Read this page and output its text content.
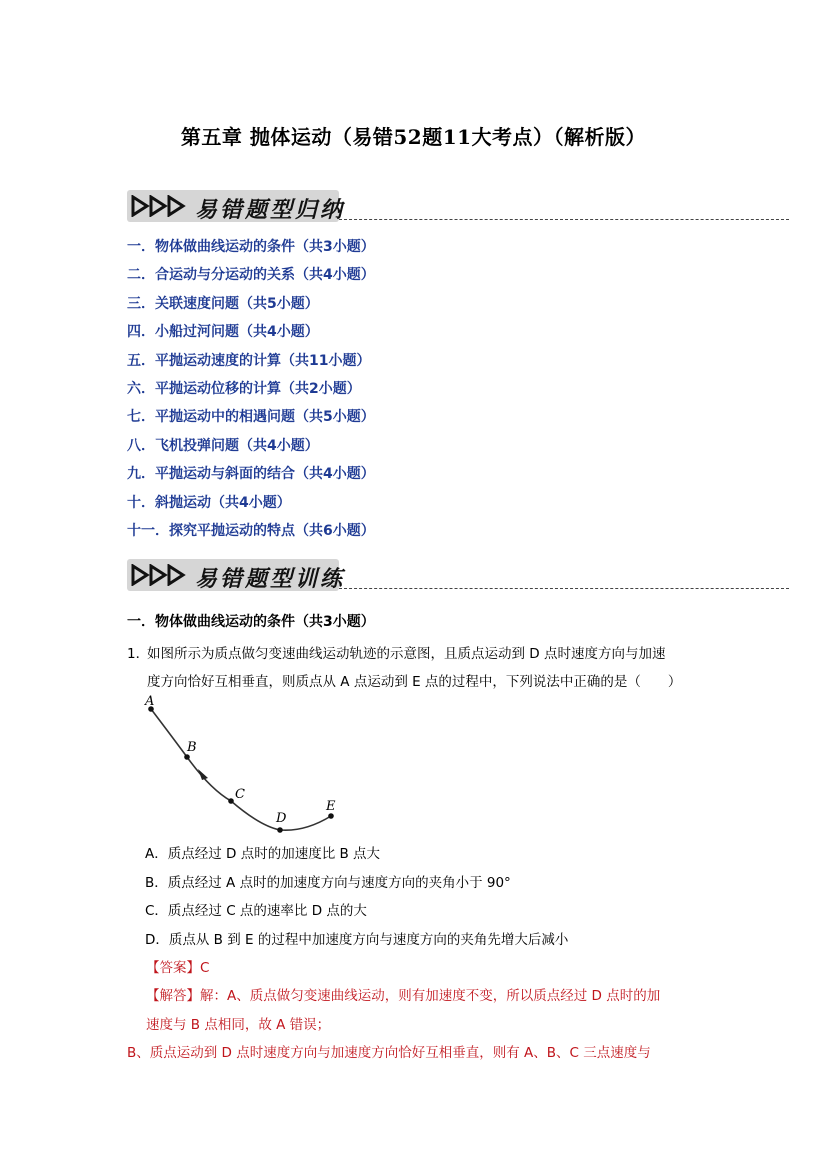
第五章 抛体运动（易错52题11大考点）（解析版）
易错题型归纳
一．物体做曲线运动的条件（共3小题）
二．合运动与分运动的关系（共4小题）
三．关联速度问题（共5小题）
四．小船过河问题（共4小题）
五．平抛运动速度的计算（共11小题）
六．平抛运动位移的计算（共2小题）
七．平抛运动中的相遇问题（共5小题）
八．飞机投弹问题（共4小题）
九．平抛运动与斜面的结合（共4小题）
十．斜抛运动（共4小题）
十一．探究平抛运动的特点（共6小题）
易错题型训练
一．物体做曲线运动的条件（共3小题）
1．
如图所示为质点做匀变速曲线运动轨迹的示意图，且质点运动到 D 点时速度方向与加速
度方向恰好互相垂直，则质点从 A 点运动到 E 点的过程中，下列说法中正确的是（　　）
A
B
C
D
E
A．质点经过 D 点时的加速度比 B 点大
B．质点经过 A 点时的加速度方向与速度方向的夹角小于 90°
C．质点经过 C 点的速率比 D 点的大
D．质点从 B 到 E 的过程中加速度方向与速度方向的夹角先增大后减小
【答案】C
【解答】解：A、质点做匀变速曲线运动，则有加速度不变，所以质点经过 D 点时的加
速度与 B 点相同，故 A 错误；
B、质点运动到 D 点时速度方向与加速度方向恰好互相垂直，则有 A、B、C 三点速度与
